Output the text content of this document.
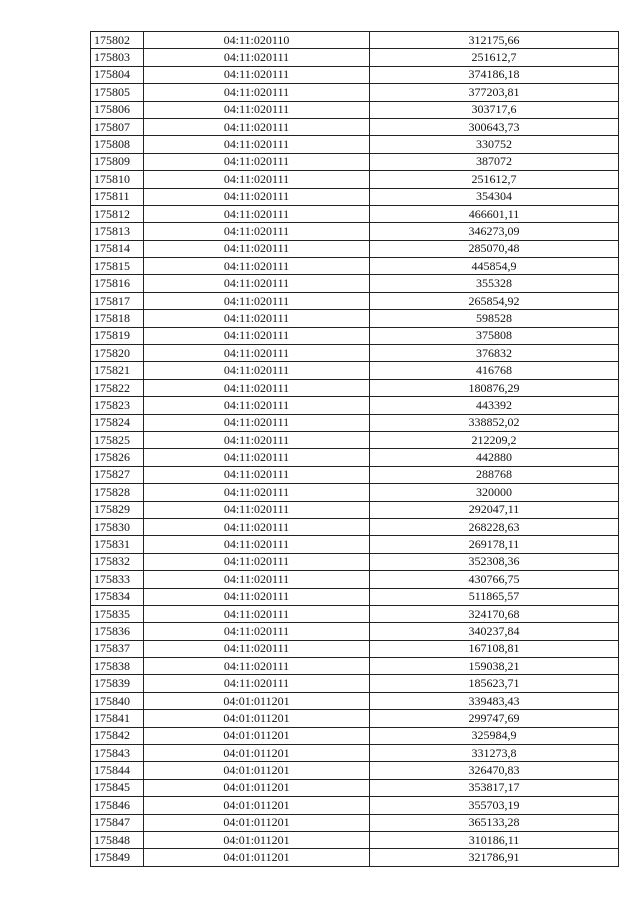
175802	04:11:020110	312175,66
175803	04:11:020111	251612,7
175804	04:11:020111	374186,18
175805	04:11:020111	377203,81
175806	04:11:020111	303717,6
175807	04:11:020111	300643,73
175808	04:11:020111	330752
175809	04:11:020111	387072
175810	04:11:020111	251612,7
175811	04:11:020111	354304
175812	04:11:020111	466601,11
175813	04:11:020111	346273,09
175814	04:11:020111	285070,48
175815	04:11:020111	445854,9
175816	04:11:020111	355328
175817	04:11:020111	265854,92
175818	04:11:020111	598528
175819	04:11:020111	375808
175820	04:11:020111	376832
175821	04:11:020111	416768
175822	04:11:020111	180876,29
175823	04:11:020111	443392
175824	04:11:020111	338852,02
175825	04:11:020111	212209,2
175826	04:11:020111	442880
175827	04:11:020111	288768
175828	04:11:020111	320000
175829	04:11:020111	292047,11
175830	04:11:020111	268228,63
175831	04:11:020111	269178,11
175832	04:11:020111	352308,36
175833	04:11:020111	430766,75
175834	04:11:020111	511865,57
175835	04:11:020111	324170,68
175836	04:11:020111	340237,84
175837	04:11:020111	167108,81
175838	04:11:020111	159038,21
175839	04:11:020111	185623,71
175840	04:01:011201	339483,43
175841	04:01:011201	299747,69
175842	04:01:011201	325984,9
175843	04:01:011201	331273,8
175844	04:01:011201	326470,83
175845	04:01:011201	353817,17
175846	04:01:011201	355703,19
175847	04:01:011201	365133,28
175848	04:01:011201	310186,11
175849	04:01:011201	321786,91
